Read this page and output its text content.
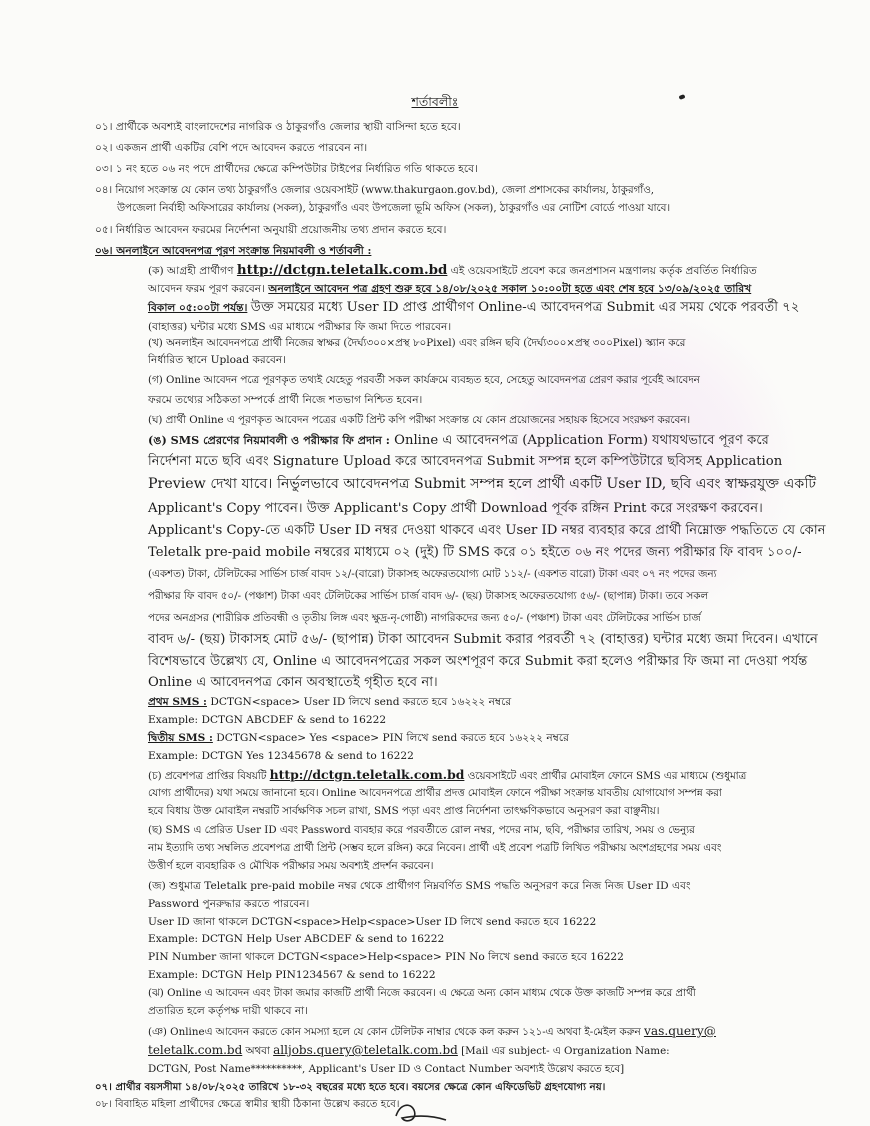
শর্তাবলীঃ
০১। প্রার্থীকে অবশ্যই বাংলাদেশের নাগরিক ও ঠাকুরগাঁও জেলার স্থায়ী বাসিন্দা হতে হবে।
০২। একজন প্রার্থী একটির বেশি পদে আবেদন করতে পারবেন না।
০৩। ১ নং হতে ০৬ নং পদে প্রার্থীদের ক্ষেত্রে কম্পিউটার টাইপের নির্ধারিত গতি থাকতে হবে।
০৪। নিয়োগ সংক্রান্ত যে কোন তথ্য ঠাকুরগাঁও জেলার ওয়েবসাইট (www.thakurgaon.gov.bd), জেলা প্রশাসকের কার্যালয়, ঠাকুরগাঁও,
উপজেলা নির্বাহী অফিসারের কার্যালয় (সকল), ঠাকুরগাঁও এবং উপজেলা ভূমি অফিস (সকল), ঠাকুরগাঁও এর নোটিশ বোর্ডে পাওয়া যাবে।
০৫। নির্ধারিত আবেদন ফরমের নির্দেশনা অনুযায়ী প্রয়োজনীয় তথ্য প্রদান করতে হবে।
০৬। অনলাইনে আবেদনপত্র পূরণ সংক্রান্ত নিয়মাবলী ও শর্তাবলী :
(ক) আগ্রহী প্রার্থীগণ http://dctgn.teletalk.com.bd এই ওয়েবসাইটে প্রবেশ করে জনপ্রশাসন মন্ত্রণালয় কর্তৃক প্রবর্তিত নির্ধারিত
আবেদন ফরম পূরণ করবেন। অনলাইনে আবেদন পত্র গ্রহণ শুরু হবে ১৪/০৮/২০২৫ সকাল ১০:০০টা হতে এবং শেষ হবে ১৩/০৯/২০২৫ তারিখ
বিকাল ০৫:০০টা পর্যন্ত। উক্ত সময়ের মধ্যে User ID প্রাপ্ত প্রার্থীগণ Online-এ আবেদনপত্র Submit এর সময় থেকে পরবর্তী ৭২
(বাহাত্তর) ঘন্টার মধ্যে SMS এর মাধ্যমে পরীক্ষার ফি জমা দিতে পারবেন।
(খ) অনলাইন আবেদনপত্রে প্রার্থী নিজের স্বাক্ষর (দৈর্ঘ্য৩০০×প্রস্থ ৮০Pixel) এবং রঙ্গিন ছবি (দৈর্ঘ্য৩০০×প্রস্থ ৩০০Pixel) স্ক্যান করে
নির্ধারিত স্থানে Upload করবেন।
(গ) Online আবেদন পত্রে পূরণকৃত তথ্যই যেহেতু পরবর্তী সকল কার্যক্রমে ব্যবহৃত হবে, সেহেতু আবেদনপত্র প্রেরণ করার পূর্বেই আবেদন
ফরমে তথ্যের সঠিকতা সম্পর্কে প্রার্থী নিজে শতভাগ নিশ্চিত হবেন।
(ঘ) প্রার্থী Online এ পূরণকৃত আবেদন পত্রের একটি প্রিন্ট কপি পরীক্ষা সংক্রান্ত যে কোন প্রয়োজনের সহায়ক হিসেবে সংরক্ষণ করবেন।
(ঙ) SMS প্রেরণের নিয়মাবলী ও পরীক্ষার ফি প্রদান : Online এ আবেদনপত্র (Application Form) যথাযথভাবে পূরণ করে
নির্দেশনা মতে ছবি এবং Signature Upload করে আবেদনপত্র Submit সম্পন্ন হলে কম্পিউটারে ছবিসহ Application
Preview দেখা যাবে। নির্ভুলভাবে আবেদনপত্র Submit সম্পন্ন হলে প্রার্থী একটি User ID, ছবি এবং স্বাক্ষরযুক্ত একটি
Applicant's Copy পাবেন। উক্ত Applicant's Copy প্রার্থী Download পূর্বক রঙ্গিন Print করে সংরক্ষণ করবেন।
Applicant's Copy-তে একটি User ID নম্বর দেওয়া থাকবে এবং User ID নম্বর ব্যবহার করে প্রার্থী নিম্নোক্ত পদ্ধতিতে যে কোন
Teletalk pre-paid mobile নম্বরের মাধ্যমে ০২ (দুই) টি SMS করে ০১ হইতে ০৬ নং পদের জন্য পরীক্ষার ফি বাবদ ১০০/-
(একশত) টাকা, টেলিটকের সার্ভিস চার্জ বাবদ ১২/-(বারো) টাকাসহ অফেরতযোগ্য মোট ১১২/- (একশত বারো) টাকা এবং ০৭ নং পদের জন্য
পরীক্ষার ফি বাবদ ৫০/- (পঞ্চাশ) টাকা এবং টেলিটকের সার্ভিস চার্জ বাবদ ৬/- (ছয়) টাকাসহ অফেরতযোগ্য ৫৬/- (ছাপান্ন) টাকা। তবে সকল
পদের অনগ্রসর (শারীরিক প্রতিবন্ধী ও তৃতীয় লিঙ্গ এবং ক্ষুদ্র-নৃ-গোষ্ঠী) নাগরিকদের জন্য ৫০/- (পঞ্চাশ) টাকা এবং টেলিটকের সার্ভিস চার্জ
বাবদ ৬/- (ছয়) টাকাসহ মোট ৫৬/- (ছাপান্ন) টাকা আবেদন Submit করার পরবর্তী ৭২ (বাহাত্তর) ঘন্টার মধ্যে জমা দিবেন। এখানে
বিশেষভাবে উল্লেখ্য যে, Online এ আবেদনপত্রের সকল অংশপূরণ করে Submit করা হলেও পরীক্ষার ফি জমা না দেওয়া পর্যন্ত
Online এ আবেদনপত্র কোন অবস্থাতেই গৃহীত হবে না।
প্রথম SMS : DCTGN<space> User ID লিখে send করতে হবে ১৬২২২ নম্বরে
Example: DCTGN ABCDEF & send to 16222
দ্বিতীয় SMS : DCTGN<space> Yes <space> PIN লিখে send করতে হবে ১৬২২২ নম্বরে
Example: DCTGN Yes 12345678 & send to 16222
(চ) প্রবেশপত্র প্রাপ্তির বিষয়টি http://dctgn.teletalk.com.bd ওয়েবসাইটে এবং প্রার্থীর মোবাইল ফোনে SMS এর মাধ্যমে (শুধুমাত্র
যোগ্য প্রার্থীদের) যথা সময়ে জানানো হবে। Online আবেদনপত্রে প্রার্থীর প্রদত্ত মোবাইল ফোনে পরীক্ষা সংক্রান্ত যাবতীয় যোগাযোগ সম্পন্ন করা
হবে বিধায় উক্ত মোবাইল নম্বরটি সার্বক্ষণিক সচল রাখা, SMS পড়া এবং প্রাপ্ত নির্দেশনা তাৎক্ষণিকভাবে অনুসরণ করা বাঞ্ছনীয়।
(ছ) SMS এ প্রেরিত User ID এবং Password ব্যবহার করে পরবর্তীতে রোল নম্বর, পদের নাম, ছবি, পরীক্ষার তারিখ, সময় ও ভেন্যুর
নাম ইত্যাদি তথ্য সম্বলিত প্রবেশপত্র প্রার্থী প্রিন্ট (সম্ভব হলে রঙ্গিন) করে নিবেন। প্রার্থী এই প্রবেশ পত্রটি লিখিত পরীক্ষায় অংশগ্রহণের সময় এবং
উত্তীর্ণ হলে ব্যবহারিক ও মৌখিক পরীক্ষার সময় অবশ্যই প্রদর্শন করবেন।
(জ) শুধুমাত্র Teletalk pre-paid mobile নম্বর থেকে প্রার্থীগণ নিম্নবর্ণিত SMS পদ্ধতি অনুসরণ করে নিজ নিজ User ID এবং
Password পুনরুদ্ধার করতে পারবেন।
User ID জানা থাকলে DCTGN<space>Help<space>User ID লিখে send করতে হবে 16222
Example: DCTGN Help User ABCDEF & send to 16222
PIN Number জানা থাকলে DCTGN<space>Help<space> PIN No লিখে send করতে হবে 16222
Example: DCTGN Help PIN1234567 & send to 16222
(ঝ) Online এ আবেদন এবং টাকা জমার কাজটি প্রার্থী নিজে করবেন। এ ক্ষেত্রে অন্য কোন মাধ্যম থেকে উক্ত কাজটি সম্পন্ন করে প্রার্থী
প্রতারিত হলে কর্তৃপক্ষ দায়ী থাকবে না।
(ঞ) Onlineএ আবেদন করতে কোন সমস্যা হলে যে কোন টেলিটক নাম্বার থেকে কল করুন ১২১-এ অথবা ই-মেইল করুন vas.query@
teletalk.com.bd অথবা alljobs.query@teletalk.com.bd [Mail এর subject- এ Organization Name:
DCTGN, Post Name**********, Applicant's User ID ও Contact Number অবশ্যই উল্লেখ করতে হবে]
০৭। প্রার্থীর বয়সসীমা ১৪/০৮/২০২৫ তারিখে ১৮-৩২ বছরের মধ্যে হতে হবে। বয়সের ক্ষেত্রে কোন এফিডেভিট গ্রহণযোগ্য নয়।
০৮। বিবাহিত মহিলা প্রার্থীদের ক্ষেত্রে স্বামীর স্থায়ী ঠিকানা উল্লেখ করতে হবে।
